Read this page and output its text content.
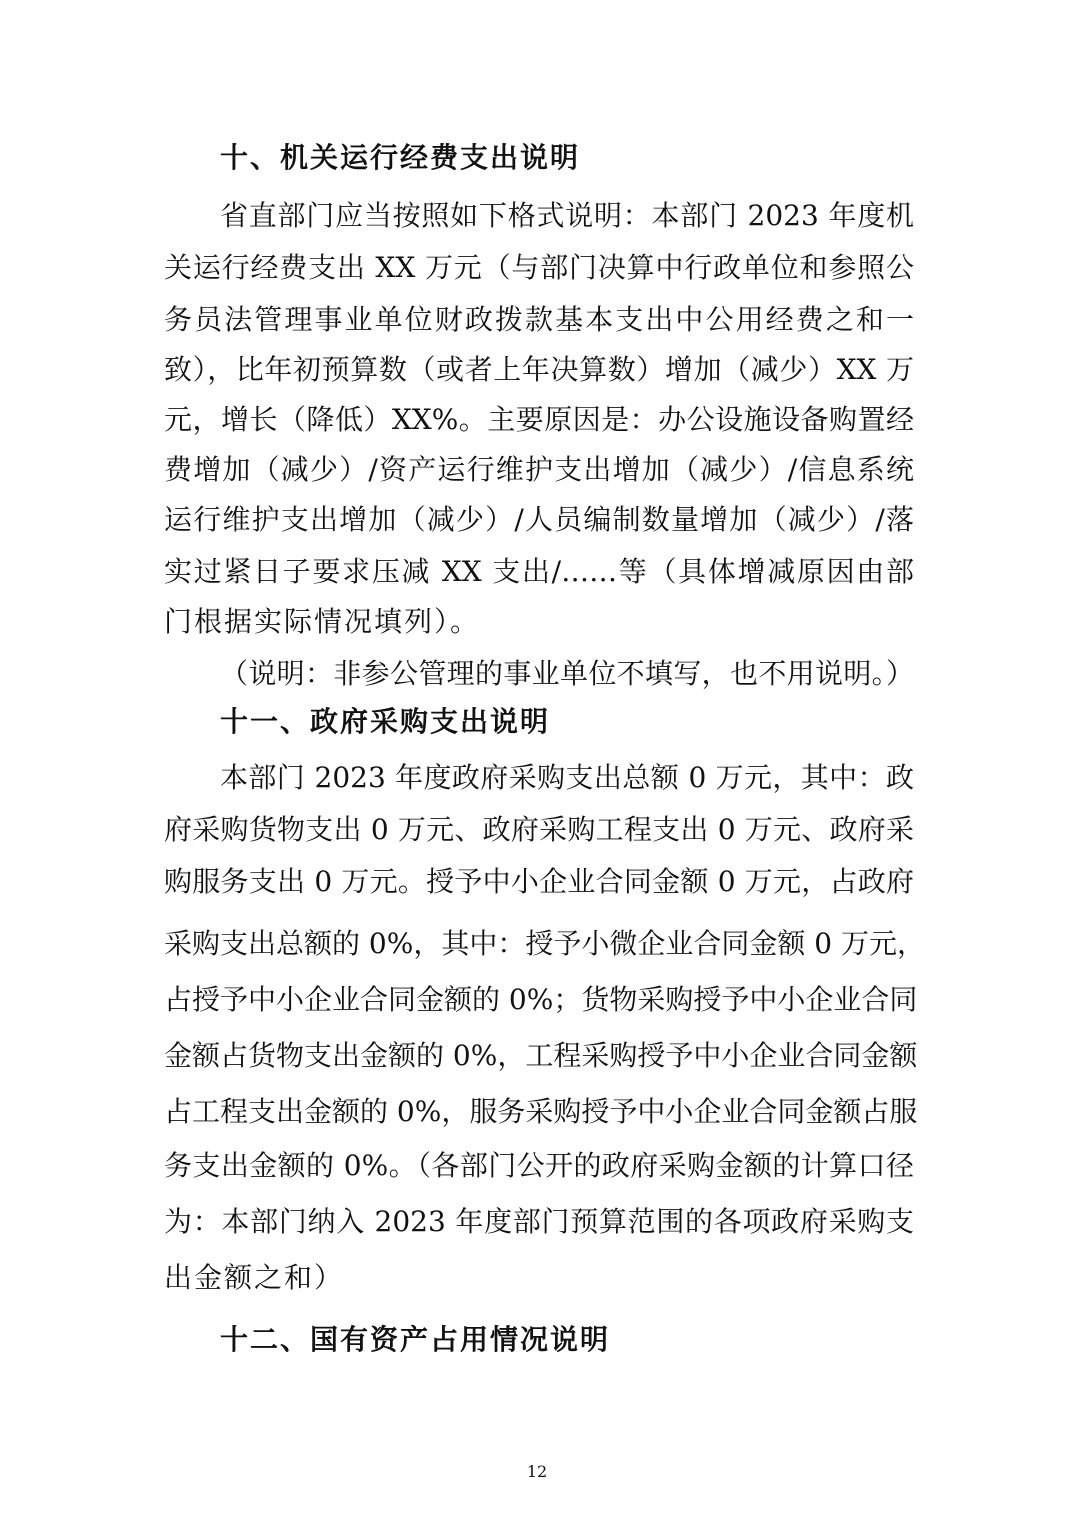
十、机关运行经费支出说明
省直部门应当按照如下格式说明：本部门 2023 年度机
关运行经费支出 XX 万元（与部门决算中行政单位和参照公
务员法管理事业单位财政拨款基本支出中公用经费之和一
致），比年初预算数（或者上年决算数）增加（减少）XX 万
元，增长（降低）XX%。主要原因是：办公设施设备购置经
费增加（减少）/资产运行维护支出增加（减少）/信息系统
运行维护支出增加（减少）/人员编制数量增加（减少）/落
实过紧日子要求压减 XX 支出/……等（具体增减原因由部
门根据实际情况填列）。
（说明：非参公管理的事业单位不填写，也不用说明。）
十一、政府采购支出说明
本部门 2023 年度政府采购支出总额 0 万元，其中：政
府采购货物支出 0 万元、政府采购工程支出 0 万元、政府采
购服务支出 0 万元。授予中小企业合同金额 0 万元，占政府
采购支出总额的 0%，其中：授予小微企业合同金额 0 万元，
占授予中小企业合同金额的 0%；货物采购授予中小企业合同
金额占货物支出金额的 0%，工程采购授予中小企业合同金额
占工程支出金额的 0%，服务采购授予中小企业合同金额占服
务支出金额的 0%。（各部门公开的政府采购金额的计算口径
为：本部门纳入 2023 年度部门预算范围的各项政府采购支
出金额之和）
十二、国有资产占用情况说明
12
